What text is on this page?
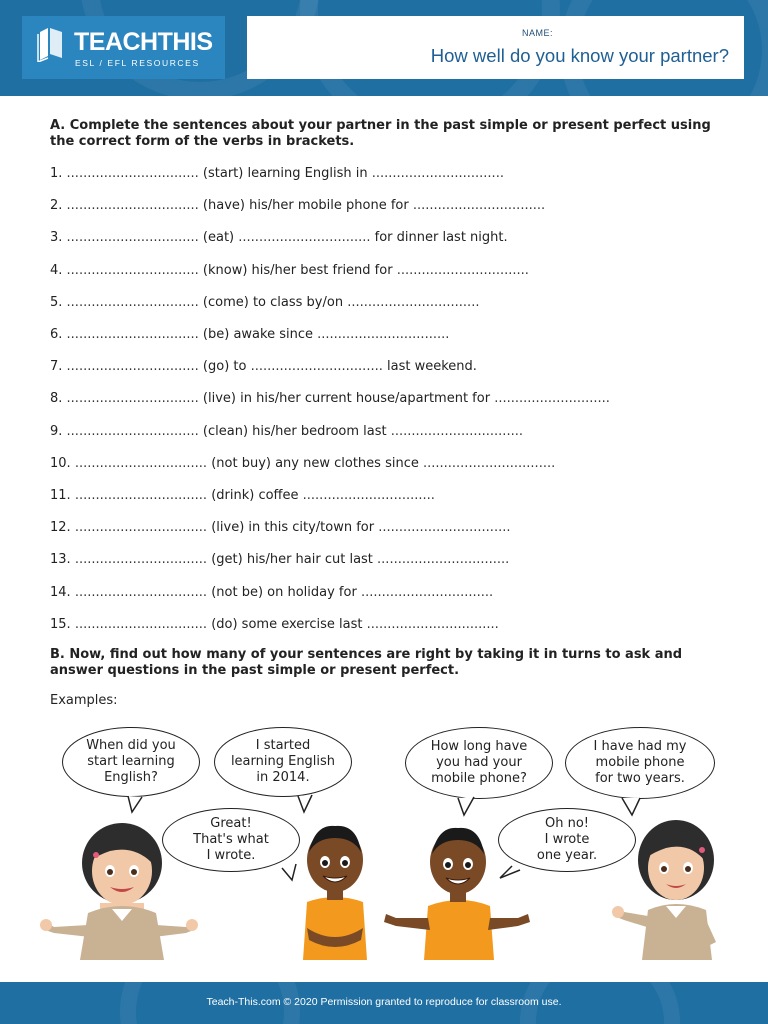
TEACHTHIS
ESL / EFL RESOURCES
NAME:
How well do you know your partner?
A. Complete the sentences about your partner in the past simple or present perfect using the correct form of the verbs in brackets.
1. ................................ (start) learning English in ................................
2. ................................ (have) his/her mobile phone for ................................
3. ................................ (eat) ................................ for dinner last night.
4. ................................ (know) his/her best friend for ................................
5. ................................ (come) to class by/on ................................
6. ................................ (be) awake since ................................
7. ................................ (go) to ................................ last weekend.
8. ................................ (live) in his/her current house/apartment for ............................
9. ................................ (clean) his/her bedroom last ................................
10. ................................ (not buy) any new clothes since ................................
11. ................................ (drink) coffee ................................
12. ................................ (live) in this city/town for ................................
13. ................................ (get) his/her hair cut last ................................
14. ................................ (not be) on holiday for ................................
15. ................................ (do) some exercise last ................................
B. Now, find out how many of your sentences are right by taking it in turns to ask and answer questions in the past simple or present perfect.
Examples:
When did you
start learning
English?
I started
learning English
in 2014.
Great!
That's what
I wrote.
How long have
you had your
mobile phone?
I have had my
mobile phone
for two years.
Oh no!
I wrote
one year.
Teach-This.com © 2020 Permission granted to reproduce for classroom use.
